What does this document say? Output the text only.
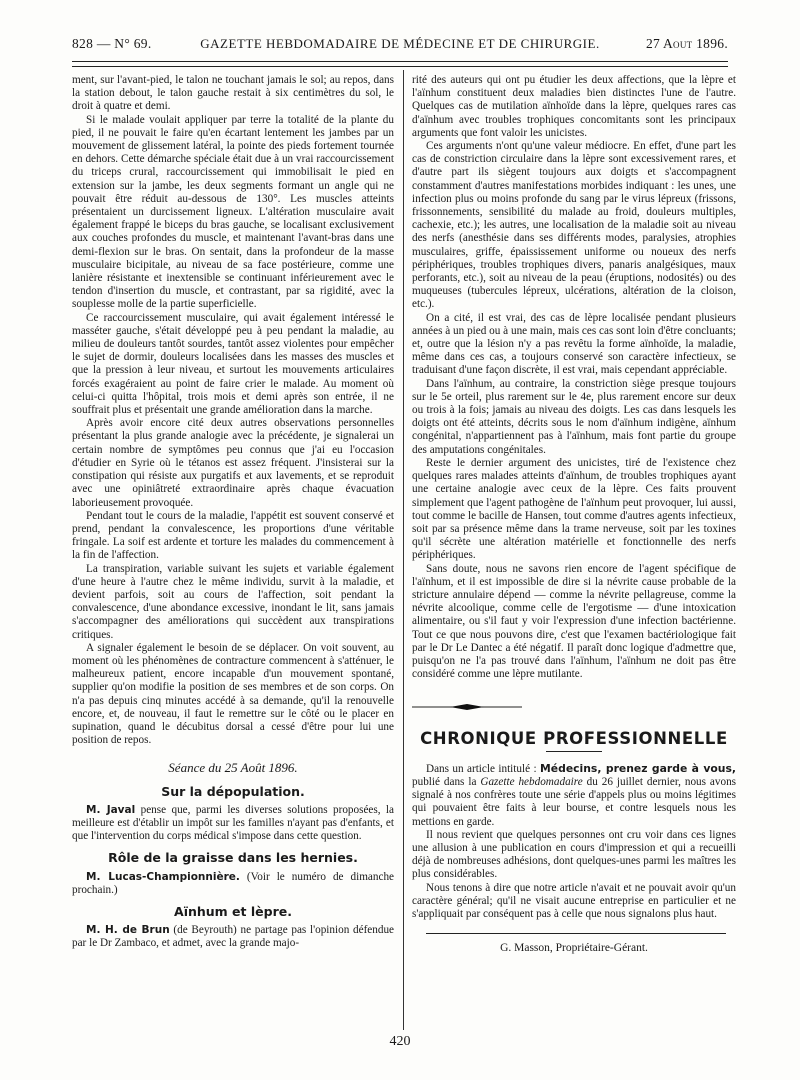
828 — N° 69.	GAZETTE HEBDOMADAIRE DE MÉDECINE ET DE CHIRURGIE.	27 Aout 1896.

ment, sur l'avant-pied, le talon ne touchant jamais le sol; au repos, dans la station debout, le talon gauche restait à six centimètres du sol, le droit à quatre et demi.

Si le malade voulait appliquer par terre la totalité de la plante du pied, il ne pouvait le faire qu'en écartant lentement les jambes par un mouvement de glissement latéral, la pointe des pieds fortement tournée en dehors. Cette démarche spéciale était due à un vrai raccourcissement du triceps crural, raccourcissement qui immobilisait le pied en extension sur la jambe, les deux segments formant un angle qui ne pouvait être réduit au-dessous de 130°. Les muscles atteints présentaient un durcissement ligneux. L'altération musculaire avait également frappé le biceps du bras gauche, se localisant exclusivement aux couches profondes du muscle, et maintenant l'avant-bras dans une demi-flexion sur le bras. On sentait, dans la profondeur de la masse musculaire bicipitale, au niveau de sa face postérieure, comme une lanière résistante et inextensible se continuant inférieurement avec le tendon d'insertion du muscle, et contrastant, par sa rigidité, avec la souplesse molle de la partie superficielle.

Ce raccourcissement musculaire, qui avait également intéressé le masséter gauche, s'était développé peu à peu pendant la maladie, au milieu de douleurs tantôt sourdes, tantôt assez violentes pour empêcher le sujet de dormir, douleurs localisées dans les masses des muscles et que la pression à leur niveau, et surtout les mouvements articulaires forcés exagéraient au point de faire crier le malade. Au moment où celui-ci quitta l'hôpital, trois mois et demi après son entrée, il ne souffrait plus et présentait une grande amélioration dans la marche.

Après avoir encore cité deux autres observations personnelles présentant la plus grande analogie avec la précédente, je signalerai un certain nombre de symptômes peu connus que j'ai eu l'occasion d'étudier en Syrie où le tétanos est assez fréquent. J'insisterai sur la constipation qui résiste aux purgatifs et aux lavements, et se reproduit avec une opiniâtreté extraordinaire après chaque évacuation laborieusement provoquée.

Pendant tout le cours de la maladie, l'appétit est souvent conservé et prend, pendant la convalescence, les proportions d'une véritable fringale. La soif est ardente et torture les malades du commencement à la fin de l'affection.

La transpiration, variable suivant les sujets et variable également d'une heure à l'autre chez le même individu, survit à la maladie, et devient parfois, soit au cours de l'affection, soit pendant la convalescence, d'une abondance excessive, inondant le lit, sans jamais s'accompagner des améliorations qui succèdent aux transpirations critiques.

A signaler également le besoin de se déplacer. On voit souvent, au moment où les phénomènes de contracture commencent à s'atténuer, le malheureux patient, encore incapable d'un mouvement spontané, supplier qu'on modifie la position de ses membres et de son corps. On n'a pas depuis cinq minutes accédé à sa demande, qu'il la renouvelle encore, et, de nouveau, il faut le remettre sur le côté ou le placer en supination, quand le décubitus dorsal a cessé d'être pour lui une position de repos.

Séance du 25 Août 1896.

Sur la dépopulation.

M. Javal pense que, parmi les diverses solutions proposées, la meilleure est d'établir un impôt sur les familles n'ayant pas d'enfants, et que l'intervention du corps médical s'impose dans cette question.

Rôle de la graisse dans les hernies.

M. Lucas-Championnière. (Voir le numéro de dimanche prochain.)

Aïnhum et lèpre.

M. H. de Brun (de Beyrouth) ne partage pas l'opinion défendue par le Dr Zambaco, et admet, avec la grande majo-

rité des auteurs qui ont pu étudier les deux affections, que la lèpre et l'aïnhum constituent deux maladies bien distinctes l'une de l'autre. Quelques cas de mutilation aïnhoïde dans la lèpre, quelques rares cas d'aïnhum avec troubles trophiques concomitants sont les principaux arguments que font valoir les unicistes.

Ces arguments n'ont qu'une valeur médiocre. En effet, d'une part les cas de constriction circulaire dans la lèpre sont excessivement rares, et d'autre part ils siègent toujours aux doigts et s'accompagnent constamment d'autres manifestations morbides indiquant : les unes, une infection plus ou moins profonde du sang par le virus lépreux (frissons, frissonnements, sensibilité du malade au froid, douleurs multiples, cachexie, etc.); les autres, une localisation de la maladie soit au niveau des nerfs (anesthésie dans ses différents modes, paralysies, atrophies musculaires, griffe, épaississement uniforme ou noueux des nerfs périphériques, troubles trophiques divers, panaris analgésiques, maux perforants, etc.), soit au niveau de la peau (éruptions, nodosités) ou des muqueuses (tubercules lépreux, ulcérations, altération de la cloison, etc.).

On a cité, il est vrai, des cas de lèpre localisée pendant plusieurs années à un pied ou à une main, mais ces cas sont loin d'être concluants; et, outre que la lésion n'y a pas revêtu la forme aïnhoïde, la maladie, même dans ces cas, a toujours conservé son caractère infectieux, se traduisant d'une façon discrète, il est vrai, mais cependant appréciable.

Dans l'aïnhum, au contraire, la constriction siège presque toujours sur le 5e orteil, plus rarement sur le 4e, plus rarement encore sur deux ou trois à la fois; jamais au niveau des doigts. Les cas dans lesquels les doigts ont été atteints, décrits sous le nom d'aïnhum indigène, aïnhum congénital, n'appartiennent pas à l'aïnhum, mais font partie du groupe des amputations congénitales.

Reste le dernier argument des unicistes, tiré de l'existence chez quelques rares malades atteints d'aïnhum, de troubles trophiques ayant une certaine analogie avec ceux de la lèpre. Ces faits prouvent simplement que l'agent pathogène de l'aïnhum peut provoquer, lui aussi, tout comme le bacille de Hansen, tout comme d'autres agents infectieux, soit par sa présence même dans la trame nerveuse, soit par les toxines qu'il sécrète une altération matérielle et fonctionnelle des nerfs périphériques.

Sans doute, nous ne savons rien encore de l'agent spécifique de l'aïnhum, et il est impossible de dire si la névrite cause probable de la stricture annulaire dépend — comme la névrite pellagreuse, comme la névrite alcoolique, comme celle de l'ergotisme — d'une intoxication alimentaire, ou s'il faut y voir l'expression d'une infection bactérienne. Tout ce que nous pouvons dire, c'est que l'examen bactériologique fait par le Dr Le Dantec a été négatif. Il paraît donc logique d'admettre que, puisqu'on ne l'a pas trouvé dans l'aïnhum, l'aïnhum ne doit pas être considéré comme une lèpre mutilante.

CHRONIQUE PROFESSIONNELLE

Dans un article intitulé : Médecins, prenez garde à vous, publié dans la Gazette hebdomadaire du 26 juillet dernier, nous avons signalé à nos confrères toute une série d'appels plus ou moins légitimes qui pouvaient être faits à leur bourse, et contre lesquels nous les mettions en garde.

Il nous revient que quelques personnes ont cru voir dans ces lignes une allusion à une publication en cours d'impression et qui a recueilli déjà de nombreuses adhésions, dont quelques-unes parmi les maîtres les plus considérables.

Nous tenons à dire que notre article n'avait et ne pouvait avoir qu'un caractère général; qu'il ne visait aucune entreprise en particulier et ne s'appliquait par conséquent pas à celle que nous signalons plus haut.

G. Masson, Propriétaire-Gérant.

420
